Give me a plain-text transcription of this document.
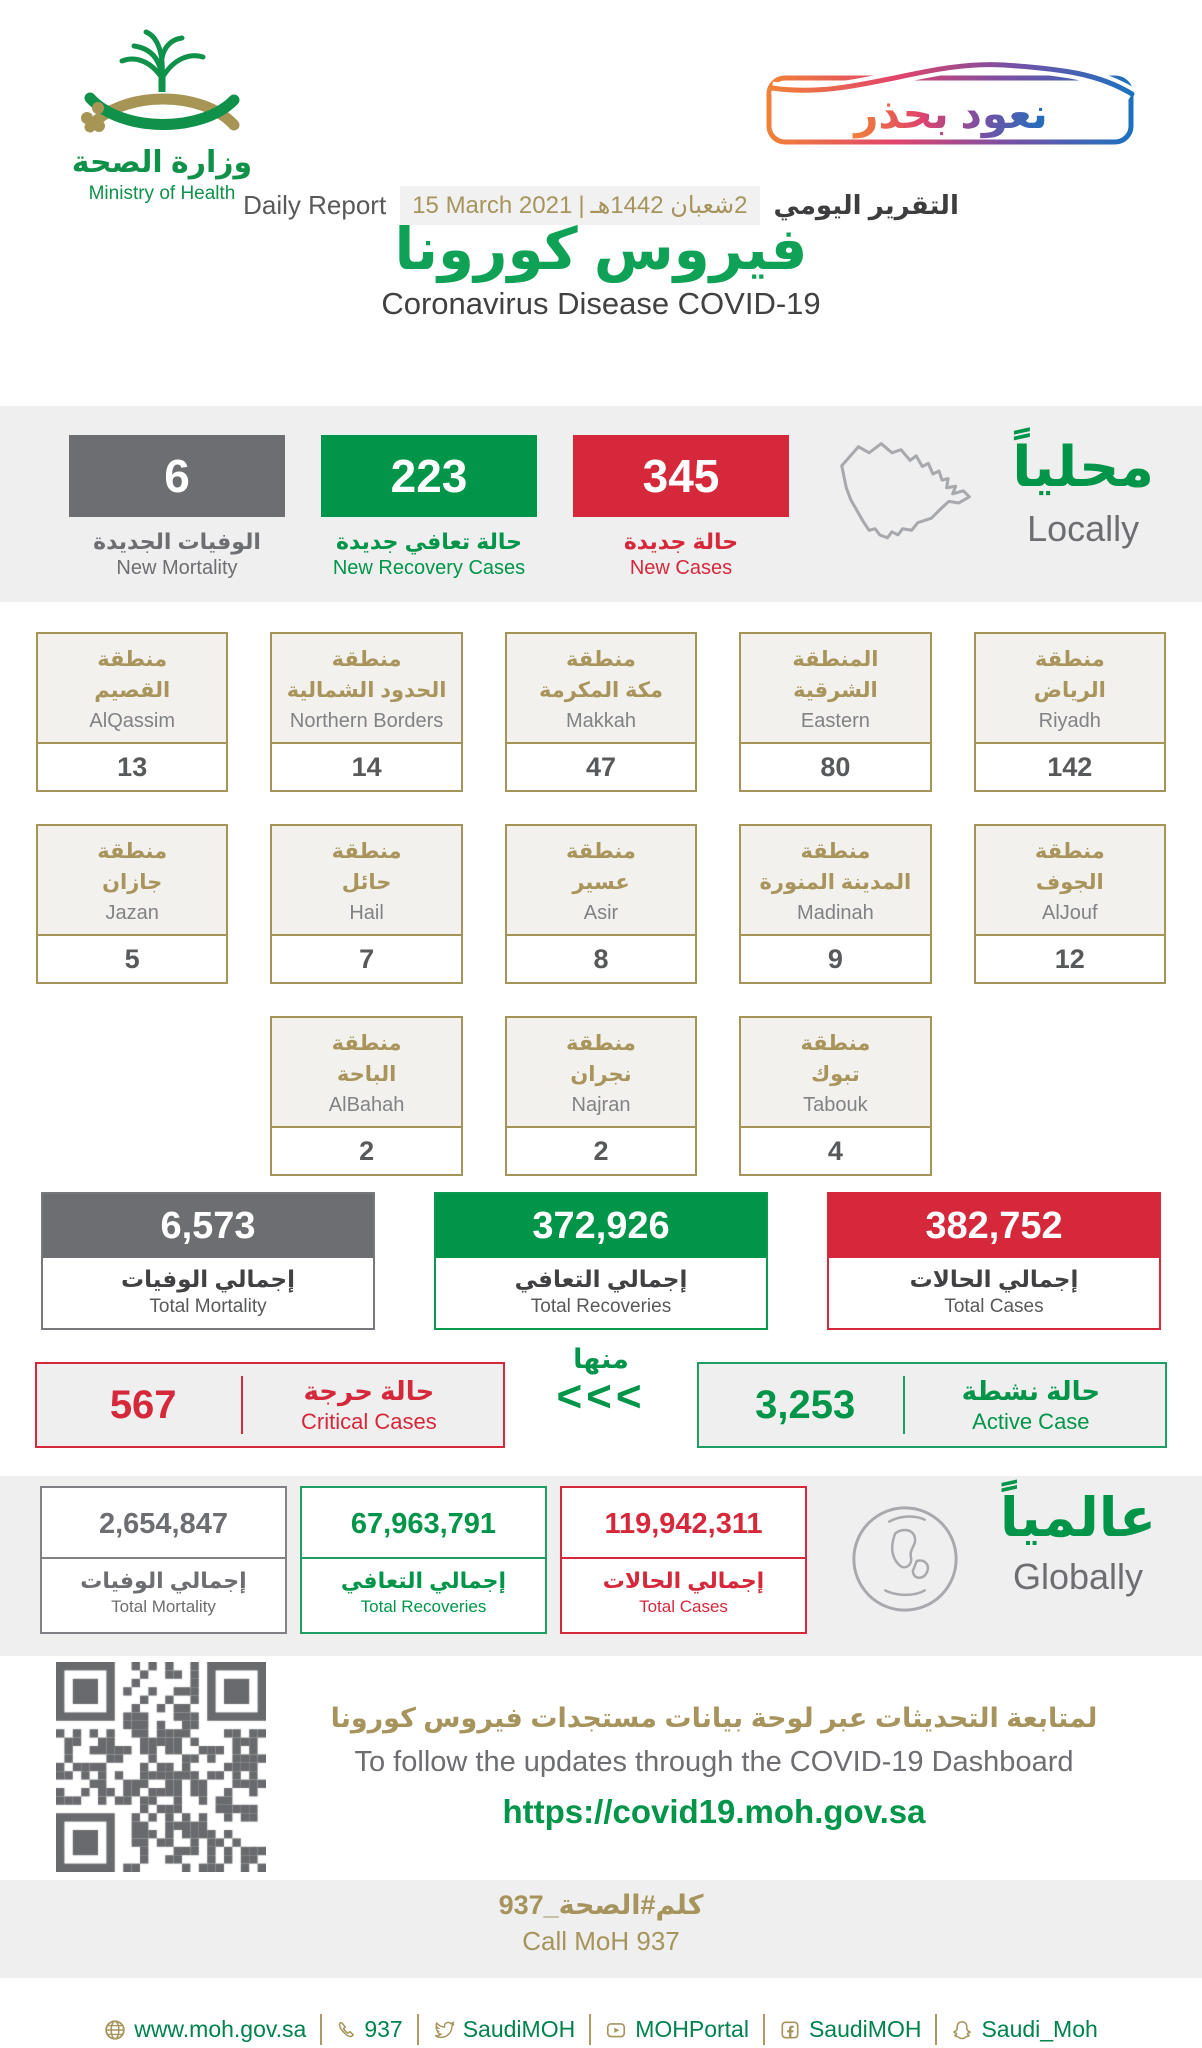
وزارة الصحة
Ministry of Health
نعود بحذر
Daily Report 15 March 2021 | 2شعبان 1442هـ التقرير اليومي
فيروس كورونا
Coronavirus Disease COVID-19
6
الوفيات الجديدة
New Mortality
223
حالة تعافي جديدة
New Recovery Cases
345
حالة جديدة
New Cases
محلياً
Locally
منطقة
القصيم
AlQassim
13
منطقة
الحدود الشمالية
Northern Borders
14
منطقة
مكة المكرمة
Makkah
47
المنطقة
الشرقية
Eastern
80
منطقة
الرياض
Riyadh
142
منطقة
جازان
Jazan
5
منطقة
حائل
Hail
7
منطقة
عسير
Asir
8
منطقة
المدينة المنورة
Madinah
9
منطقة
الجوف
AlJouf
12
منطقة
الباحة
AlBahah
2
منطقة
نجران
Najran
2
منطقة
تبوك
Tabouk
4
6,573
إجمالي الوفيات
Total Mortality
372,926
إجمالي التعافي
Total Recoveries
382,752
إجمالي الحالات
Total Cases
567	حالة حرجة
Critical Cases
منها
<<<	3,253	حالة نشطة
Active Case
2,654,847
إجمالي الوفيات
Total Mortality
67,963,791
إجمالي التعافي
Total Recoveries
119,942,311
إجمالي الحالات
Total Cases
عالمياً
Globally
لمتابعة التحديثات عبر لوحة بيانات مستجدات فيروس كورونا
To follow the updates through the COVID-19 Dashboard
https://covid19.moh.gov.sa
كلم#الصحة_937
Call MoH 937
www.moh.gov.sa	937	SaudiMOH	MOHPortal	SaudiMOH	Saudi_Moh
